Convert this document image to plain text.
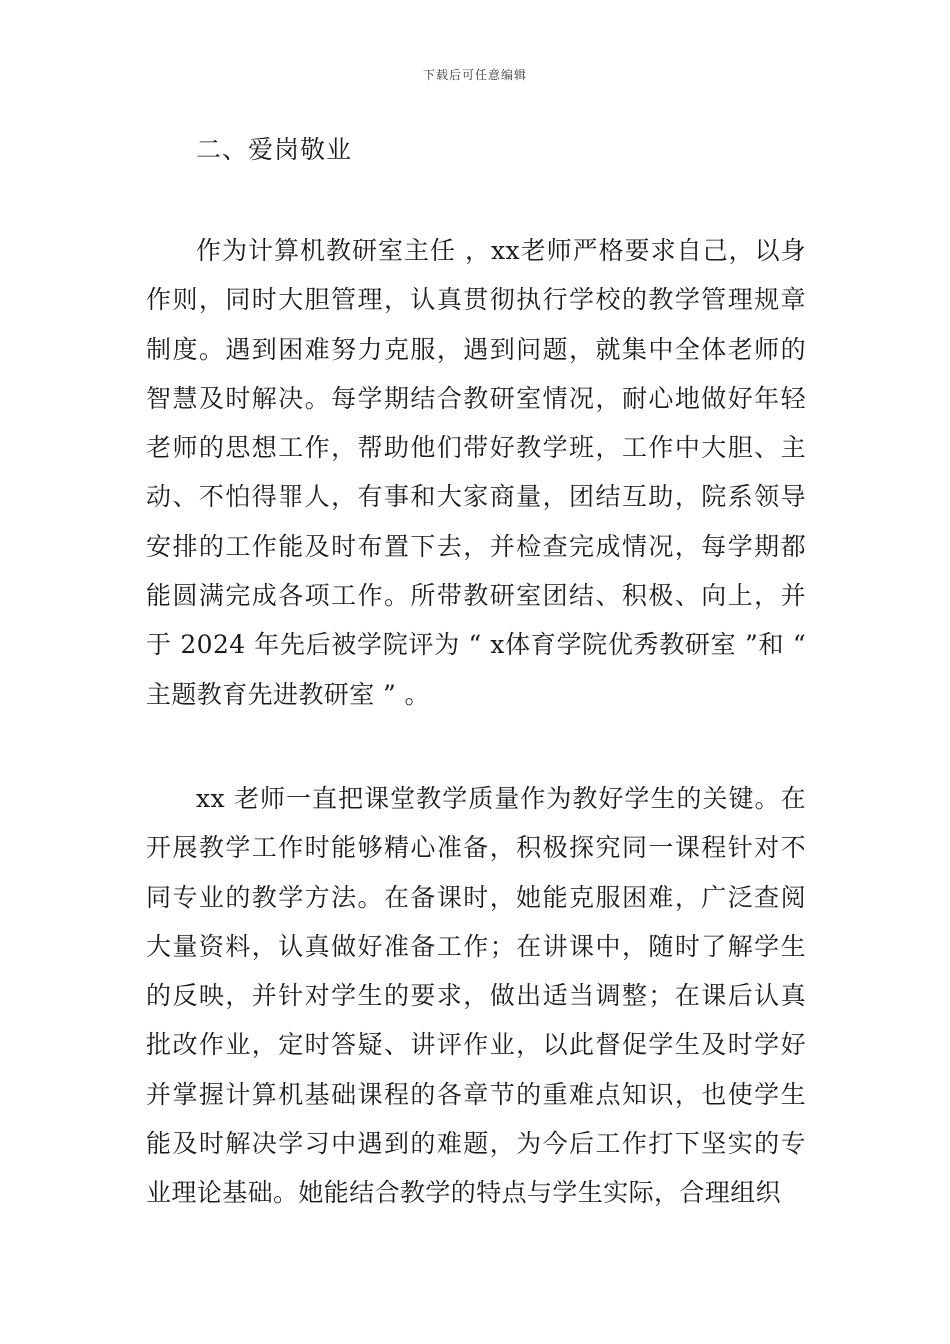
下载后可任意编辑
二、爱岗敬业

作为计算机教研室主任 ，xx老师严格要求自己，以身作则，同时大胆管理，认真贯彻执行学校的教学管理规章制度。遇到困难努力克服，遇到问题，就集中全体老师的智慧及时解决。每学期结合教研室情况，耐心地做好年轻老师的思想工作，帮助他们带好教学班，工作中大胆、主动、不怕得罪人，有事和大家商量，团结互助，院系领导安排的工作能及时布置下去，并检查完成情况，每学期都能圆满完成各项工作。所带教研室团结、积极、向上，并于 2024 年先后被学院评为 “ x体育学院优秀教研室 ”和 “ 主题教育先进教研室 ” 。

xx 老师一直把课堂教学质量作为教好学生的关键。在开展教学工作时能够精心准备，积极探究同一课程针对不同专业的教学方法。在备课时，她能克服困难，广泛查阅大量资料，认真做好准备工作；在讲课中，随时了解学生的反映，并针对学生的要求，做出适当调整；在课后认真批改作业，定时答疑、讲评作业，以此督促学生及时学好并掌握计算机基础课程的各章节的重难点知识，也使学生能及时解决学习中遇到的难题，为今后工作打下坚实的专业理论基础。她能结合教学的特点与学生实际，合理组织
